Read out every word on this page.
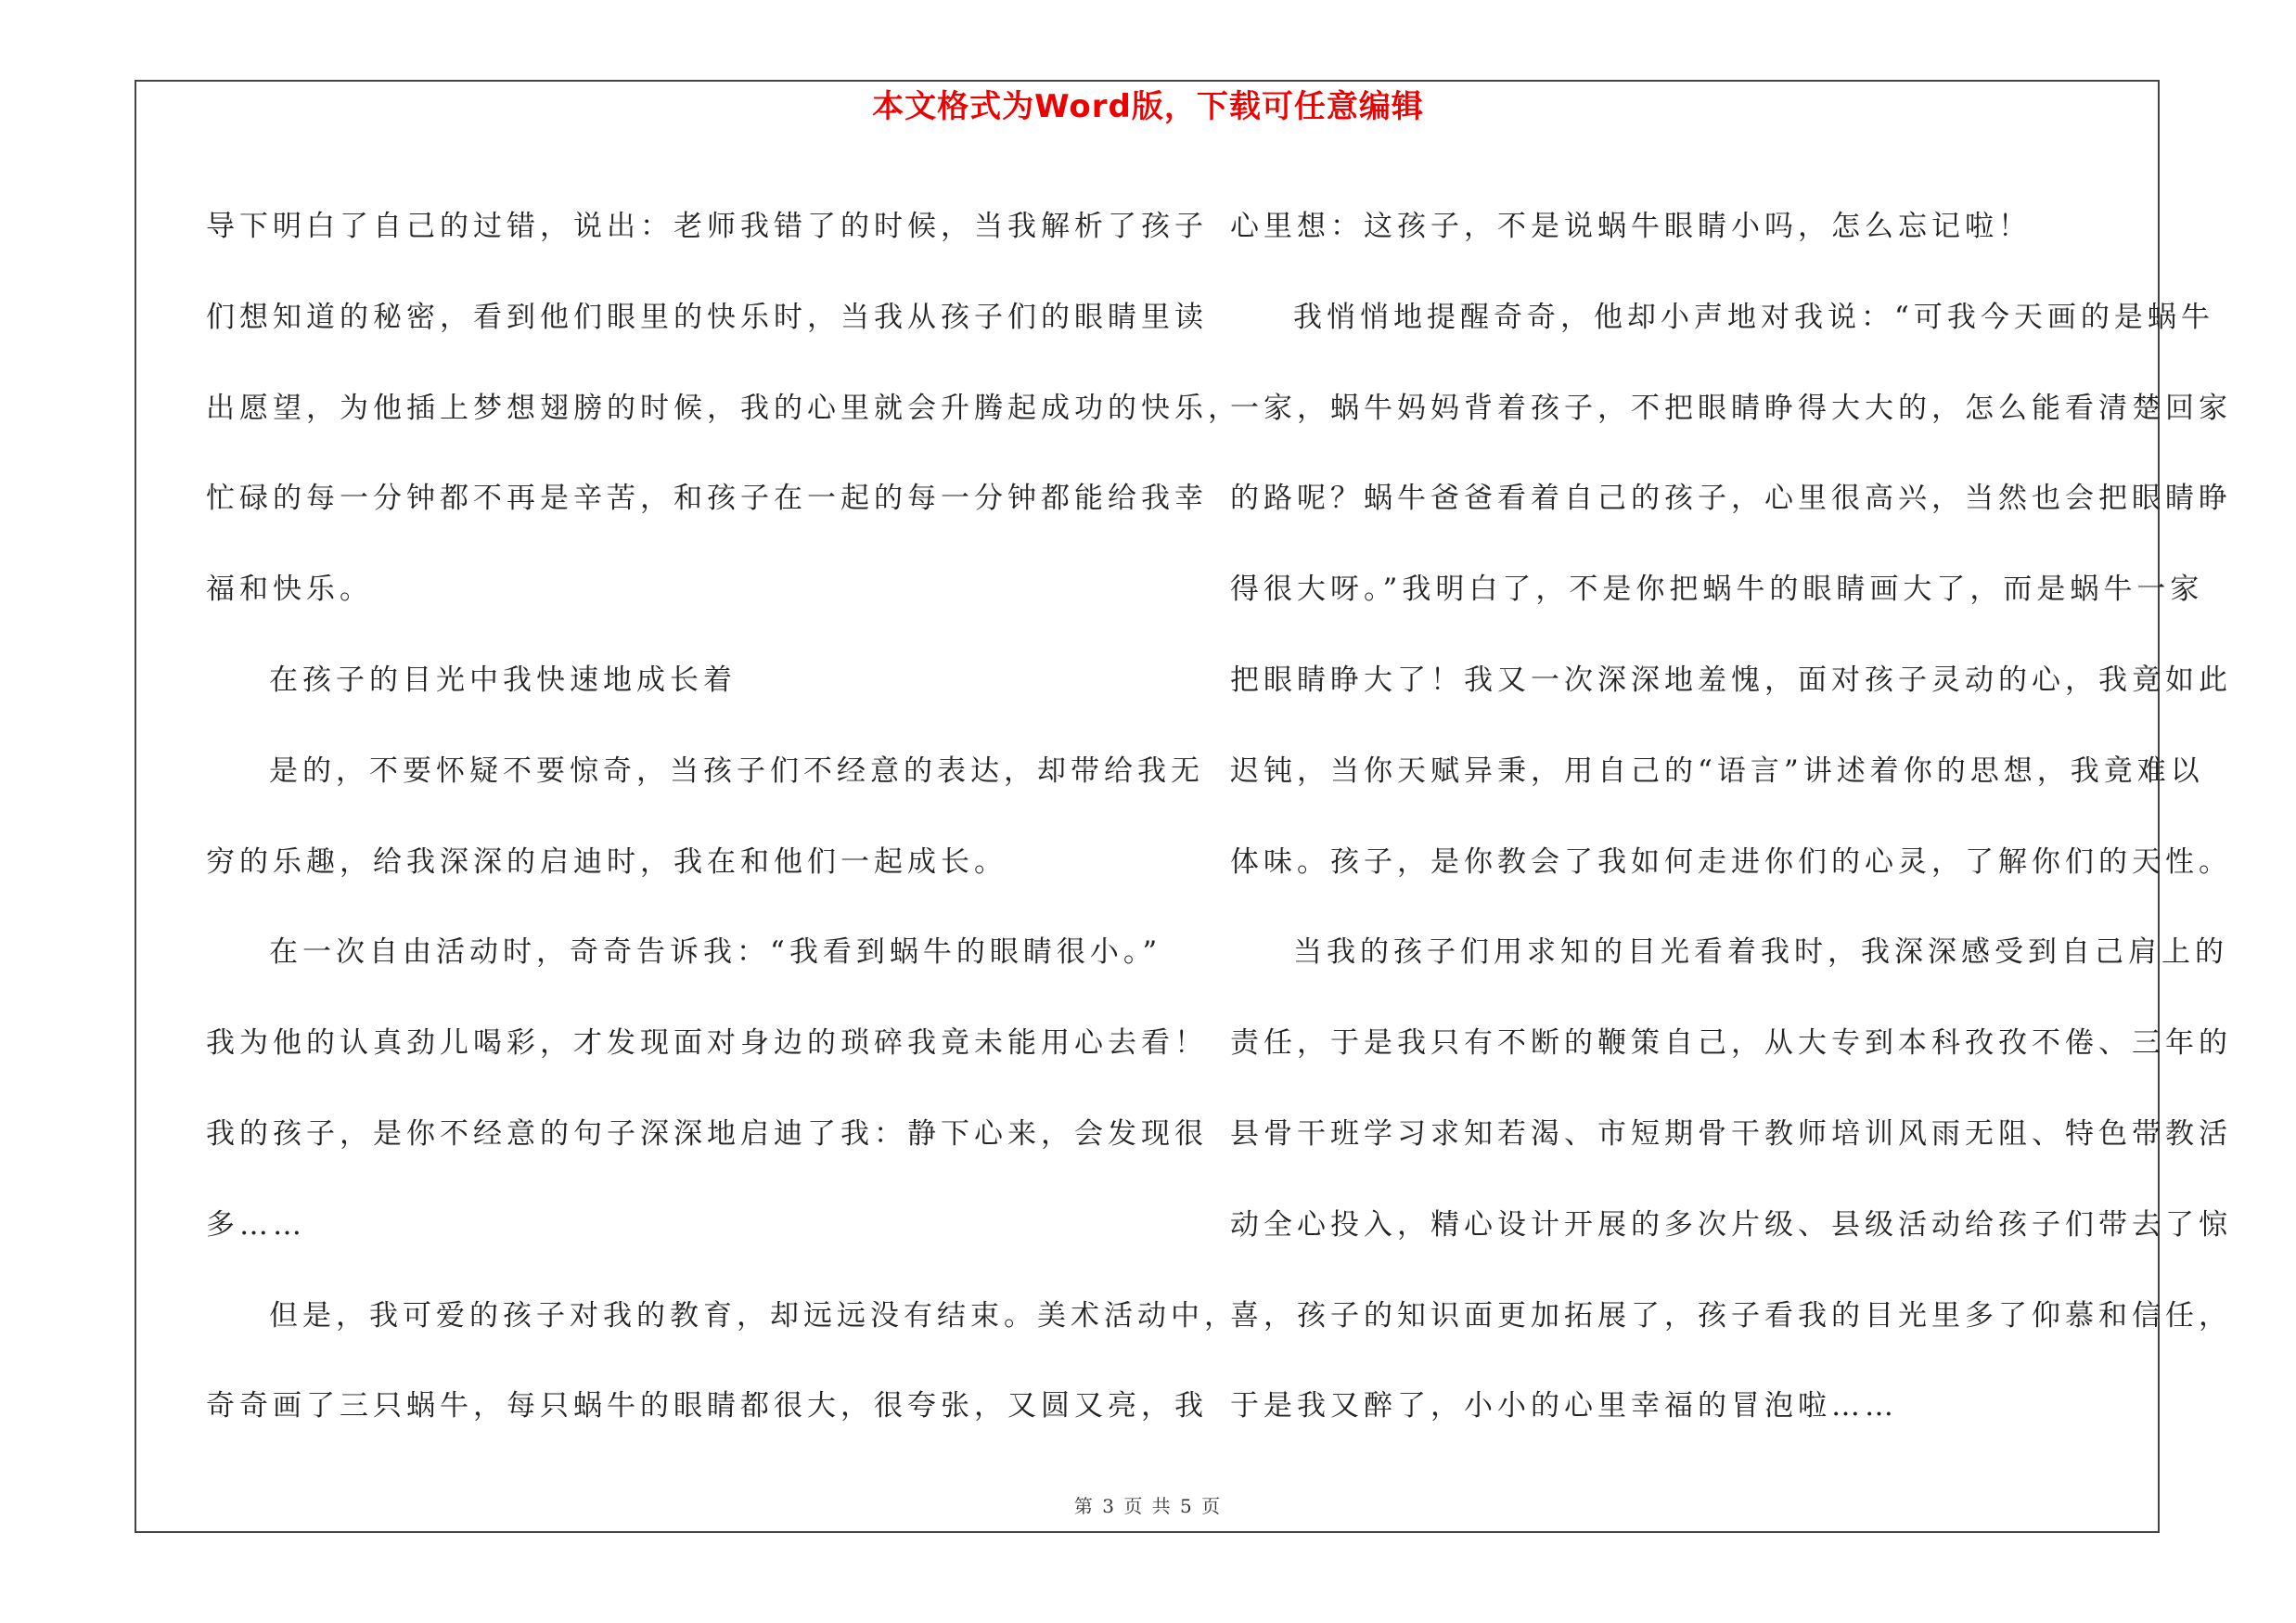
本文格式为Word版，下载可任意编辑
导下明白了自己的过错，说出：老师我错了的时候，当我解析了孩子
们想知道的秘密，看到他们眼里的快乐时，当我从孩子们的眼睛里读
出愿望，为他插上梦想翅膀的时候，我的心里就会升腾起成功的快乐，
忙碌的每一分钟都不再是辛苦，和孩子在一起的每一分钟都能给我幸
福和快乐。
在孩子的目光中我快速地成长着
是的，不要怀疑不要惊奇，当孩子们不经意的表达，却带给我无
穷的乐趣，给我深深的启迪时，我在和他们一起成长。
在一次自由活动时，奇奇告诉我：“我看到蜗牛的眼睛很小。”
我为他的认真劲儿喝彩，才发现面对身边的琐碎我竟未能用心去看！
我的孩子，是你不经意的句子深深地启迪了我：静下心来，会发现很
多……
但是，我可爱的孩子对我的教育，却远远没有结束。美术活动中，
奇奇画了三只蜗牛，每只蜗牛的眼睛都很大，很夸张，又圆又亮，我
心里想：这孩子，不是说蜗牛眼睛小吗，怎么忘记啦！
我悄悄地提醒奇奇，他却小声地对我说：“可我今天画的是蜗牛
一家，蜗牛妈妈背着孩子，不把眼睛睁得大大的，怎么能看清楚回家
的路呢？蜗牛爸爸看着自己的孩子，心里很高兴，当然也会把眼睛睁
得很大呀。”我明白了，不是你把蜗牛的眼睛画大了，而是蜗牛一家
把眼睛睁大了！我又一次深深地羞愧，面对孩子灵动的心，我竟如此
迟钝，当你天赋异秉，用自己的“语言”讲述着你的思想，我竟难以
体味。孩子，是你教会了我如何走进你们的心灵，了解你们的天性。
当我的孩子们用求知的目光看着我时，我深深感受到自己肩上的
责任，于是我只有不断的鞭策自己，从大专到本科孜孜不倦、三年的
县骨干班学习求知若渴、市短期骨干教师培训风雨无阻、特色带教活
动全心投入，精心设计开展的多次片级、县级活动给孩子们带去了惊
喜，孩子的知识面更加拓展了，孩子看我的目光里多了仰慕和信任，
于是我又醉了，小小的心里幸福的冒泡啦……
第 3 页 共 5 页
